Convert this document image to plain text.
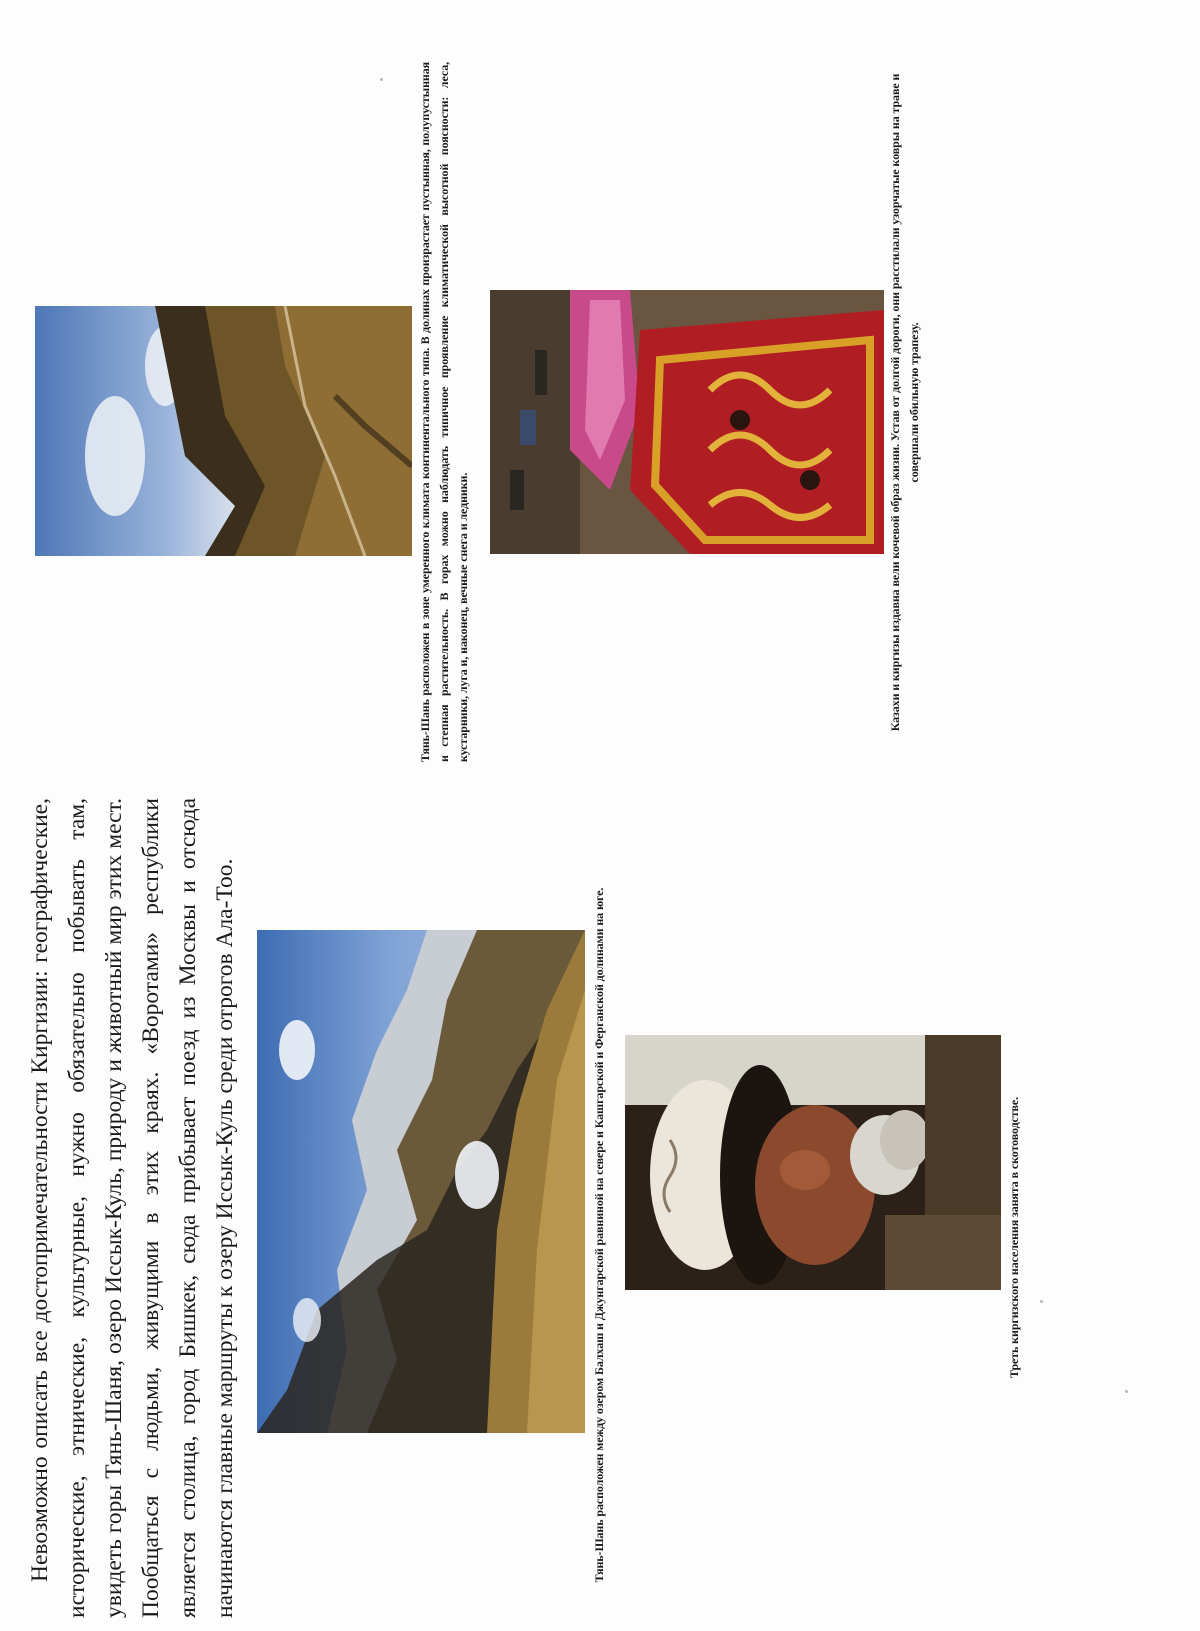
Невозможно описать все достопримечательности Киргизии: географические, исторические, этнические, культурные, нужно обязательно побывать там, увидеть горы Тянь-Шаня, озеро Иссык-Куль, природу и животный мир этих мест. Пообщаться с людьми, живущими в этих краях. «Воротами» республики является столица, город Бишкек, сюда прибывает поезд из Москвы и отсюда начинаются главные маршруты к озеру Иссык-Куль среди отрогов Ала-Тоо.	Тянь-Шань расположен между озером Балхаш и Джунгарской равниной на севере и Кашгарской и Ферганской долинами на юге.	Треть киргизского населения занята в скотоводстве.

Тянь-Шань расположен в зоне умеренного климата континентального типа. В долинах произрастает пустынная, полупустынная и степная растительность. В горах можно наблюдать типичное проявление климатической высотной поясности: леса, кустарники, луга и, наконец, вечные снега и ледники.	Казахи и киргизы издавна вели кочевой образ жизни. Устав от долгой дороги, они расстилали узорчатые ковры на траве и совершали обильную трапезу.
